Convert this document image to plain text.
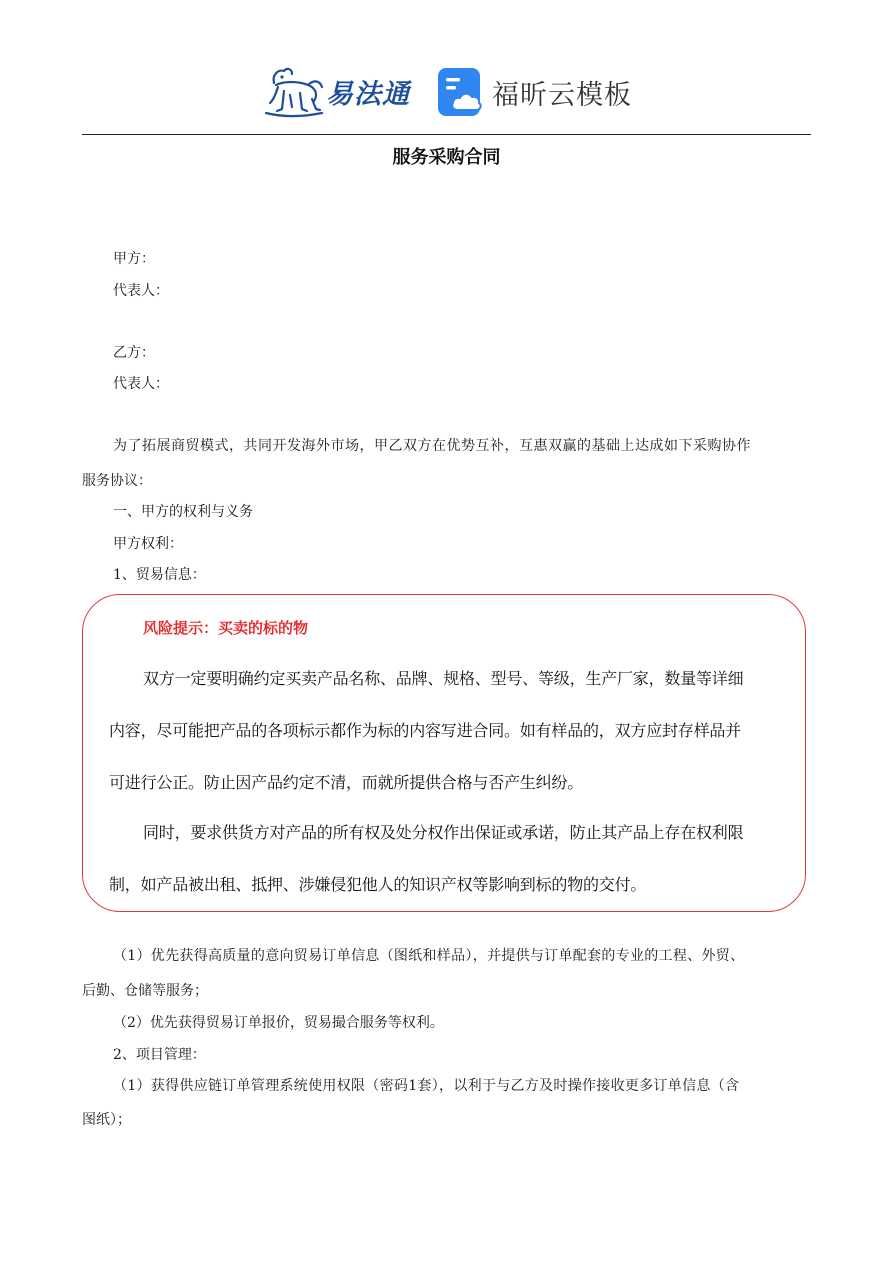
易法通	福昕云模板
服务采购合同
甲方：
代表人：
乙方：
代表人：
为了拓展商贸模式，共同开发海外市场，甲乙双方在优势互补，互惠双赢的基础上达成如下采购协作
服务协议：
一、甲方的权利与义务
甲方权利：
1、贸易信息：
风险提示：买卖的标的物
双方一定要明确约定买卖产品名称、品牌、规格、型号、等级，生产厂家，数量等详细
内容，尽可能把产品的各项标示都作为标的内容写进合同。如有样品的，双方应封存样品并
可进行公正。防止因产品约定不清，而就所提供合格与否产生纠纷。
同时，要求供货方对产品的所有权及处分权作出保证或承诺，防止其产品上存在权利限
制，如产品被出租、抵押、涉嫌侵犯他人的知识产权等影响到标的物的交付。
（1）优先获得高质量的意向贸易订单信息（图纸和样品），并提供与订单配套的专业的工程、外贸、
后勤、仓储等服务；
（2）优先获得贸易订单报价，贸易撮合服务等权利。
2、项目管理：
（1）获得供应链订单管理系统使用权限（密码1套），以利于与乙方及时操作接收更多订单信息（含
图纸）；
